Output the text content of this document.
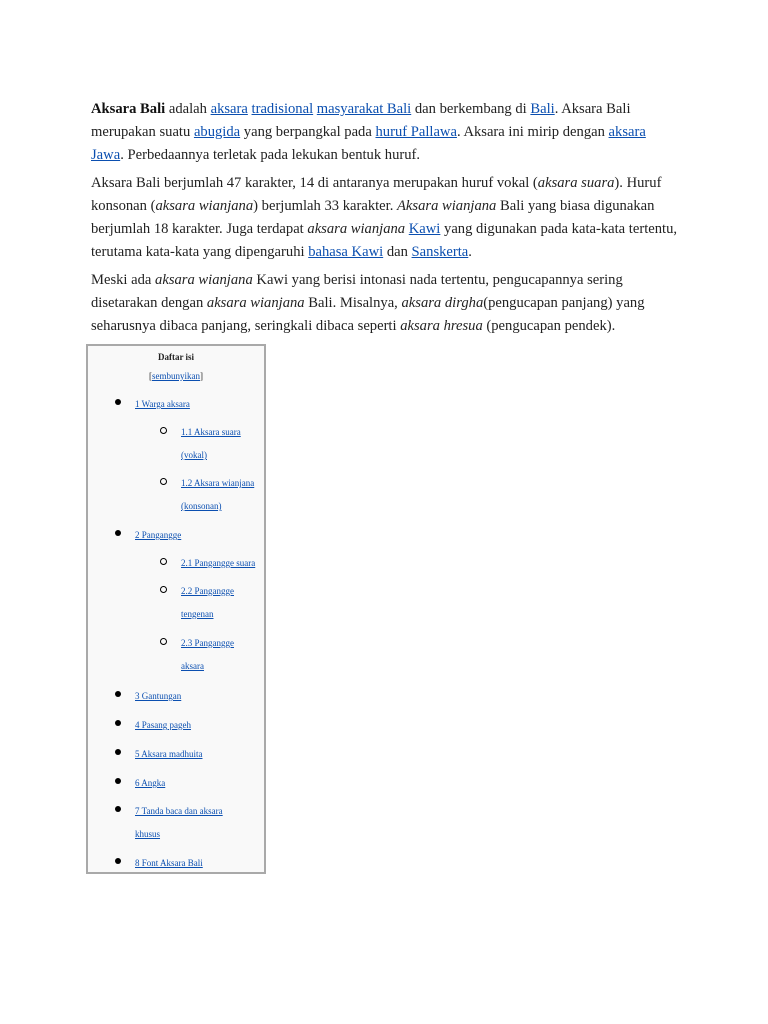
Aksara Bali adalah aksara tradisional masyarakat Bali dan berkembang di Bali. Aksara Bali merupakan suatu abugida yang berpangkal pada huruf Pallawa. Aksara ini mirip dengan aksara Jawa. Perbedaannya terletak pada lekukan bentuk huruf.

Aksara Bali berjumlah 47 karakter, 14 di antaranya merupakan huruf vokal (aksara suara). Huruf konsonan (aksara wianjana) berjumlah 33 karakter. Aksara wianjana Bali yang biasa digunakan berjumlah 18 karakter. Juga terdapat aksara wianjana Kawi yang digunakan pada kata-kata tertentu, terutama kata-kata yang dipengaruhi bahasa Kawi dan Sanskerta.

Meski ada aksara wianjana Kawi yang berisi intonasi nada tertentu, pengucapannya sering disetarakan dengan aksara wianjana Bali. Misalnya, aksara dirgha(pengucapan panjang) yang seharusnya dibaca panjang, seringkali dibaca seperti aksara hresua (pengucapan pendek).

Daftar isi
[sembunyikan]
1 Warga aksara
1.1 Aksara suara (vokal)
1.2 Aksara wianjana (konsonan)
2 Pangangge
2.1 Pangangge suara
2.2 Pangangge tengenan
2.3 Pangangge aksara
3 Gantungan
4 Pasang pageh
5 Aksara madhuita
6 Angka
7 Tanda baca dan aksara khusus
8 Font Aksara Bali
